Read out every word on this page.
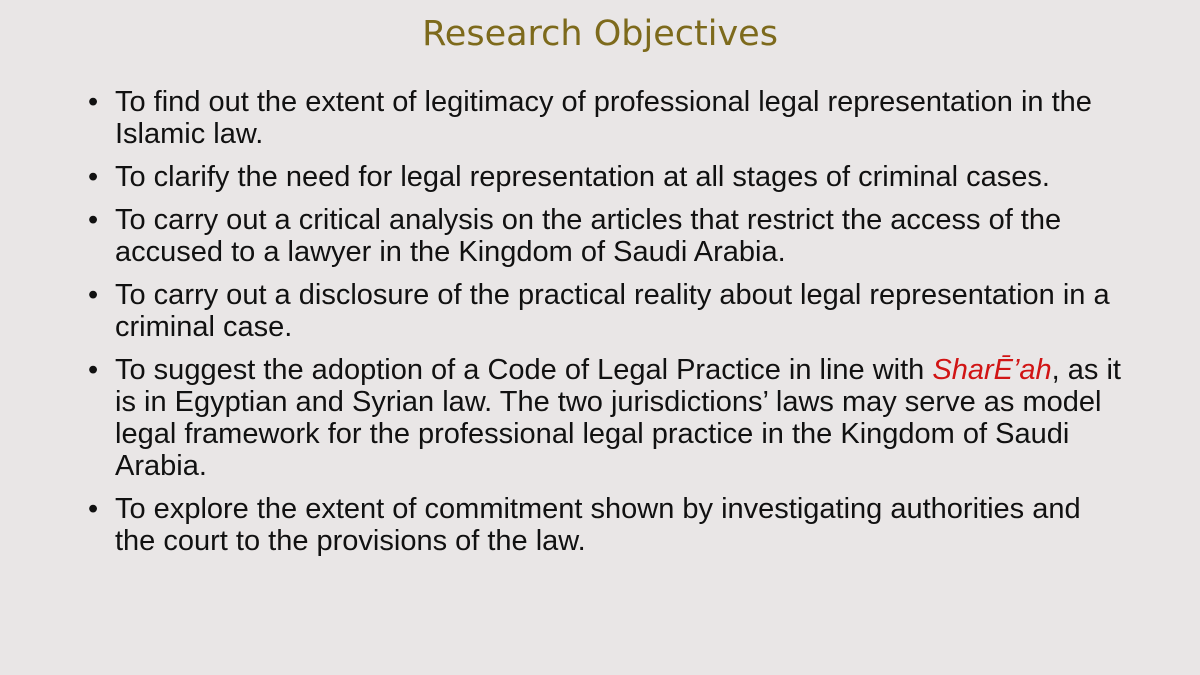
Research Objectives
• To find out the extent of legitimacy of professional legal representation in the Islamic law.
• To clarify the need for legal representation at all stages of criminal cases.
• To carry out a critical analysis on the articles that restrict the access of the accused to a lawyer in the Kingdom of Saudi Arabia.
• To carry out a disclosure of the practical reality about legal representation in a criminal case.
• To suggest the adoption of a Code of Legal Practice in line with SharĒ’ah, as it is in Egyptian and Syrian law. The two jurisdictions’ laws may serve as model legal framework for the professional legal practice in the Kingdom of Saudi Arabia.
• To explore the extent of commitment shown by investigating authorities and the court to the provisions of the law.
